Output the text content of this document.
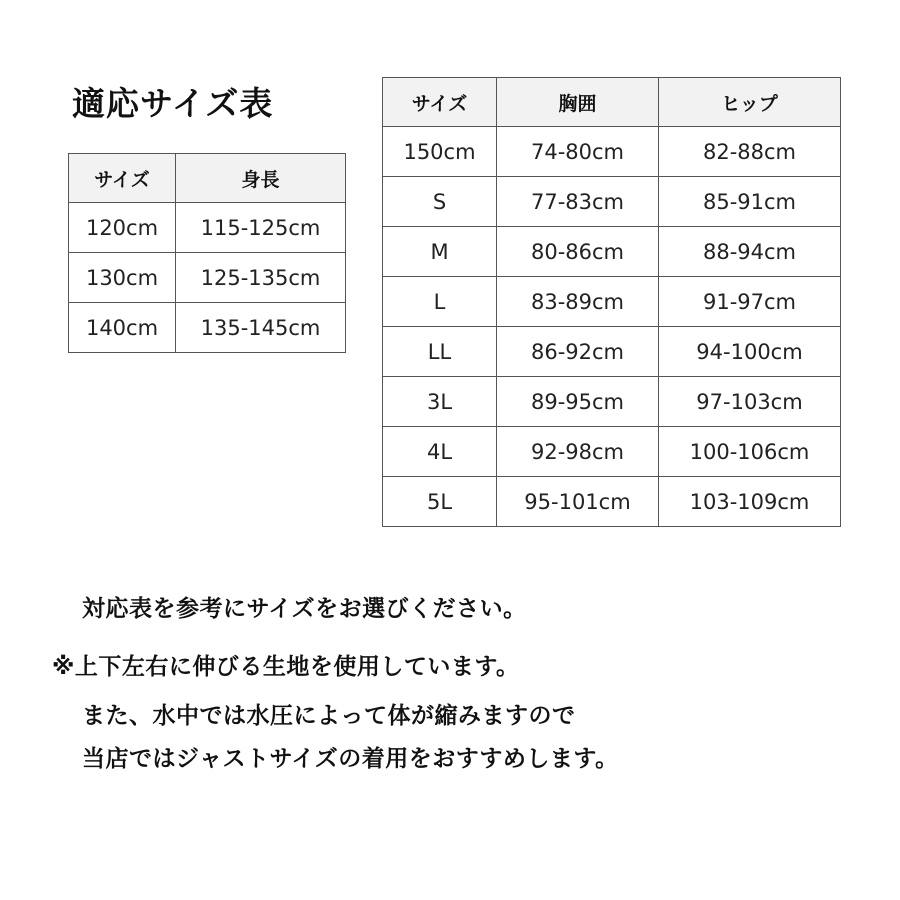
適応サイズ表
サイズ	身長
120cm	115-125cm
130cm	125-135cm
140cm	135-145cm
サイズ	胸囲	ヒップ
150cm	74-80cm	82-88cm
S	77-83cm	85-91cm
M	80-86cm	88-94cm
L	83-89cm	91-97cm
LL	86-92cm	94-100cm
3L	89-95cm	97-103cm
4L	92-98cm	100-106cm
5L	95-101cm	103-109cm
対応表を参考にサイズをお選びください。
※上下左右に伸びる生地を使用しています。
また、水中では水圧によって体が縮みますので
当店ではジャストサイズの着用をおすすめします。
